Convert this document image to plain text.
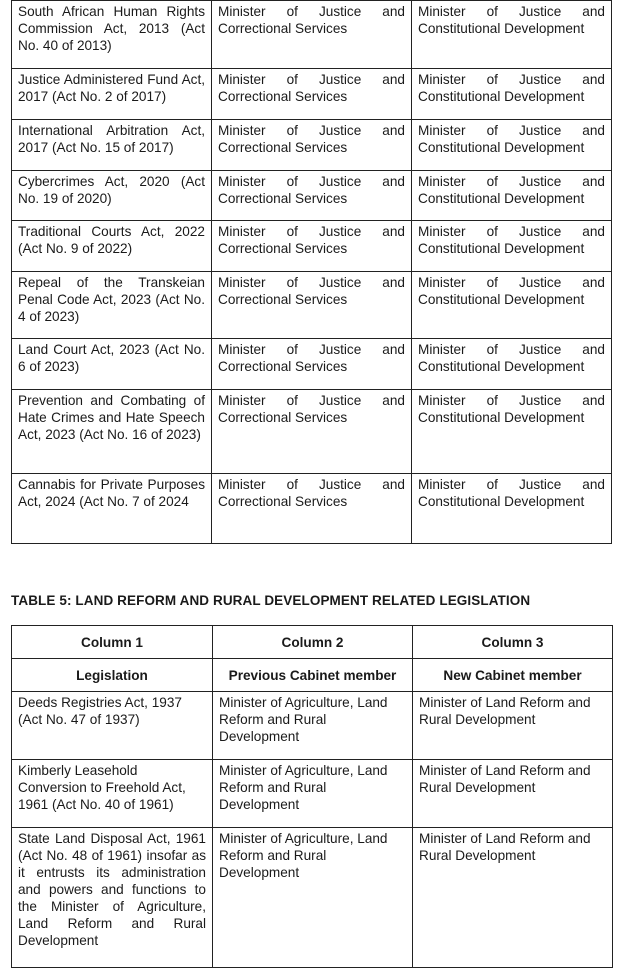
South African Human Rights Commission Act, 2013 (Act No. 40 of 2013)	Minister of Justice and Correctional Services	Minister of Justice and Constitutional Development
Justice Administered Fund Act, 2017 (Act No. 2 of 2017)	Minister of Justice and Correctional Services	Minister of Justice and Constitutional Development
International Arbitration Act, 2017 (Act No. 15 of 2017)	Minister of Justice and Correctional Services	Minister of Justice and Constitutional Development
Cybercrimes Act, 2020 (Act No. 19 of 2020)	Minister of Justice and Correctional Services	Minister of Justice and Constitutional Development
Traditional Courts Act, 2022 (Act No. 9 of 2022)	Minister of Justice and Correctional Services	Minister of Justice and Constitutional Development
Repeal of the Transkeian Penal Code Act, 2023 (Act No. 4 of 2023)	Minister of Justice and Correctional Services	Minister of Justice and Constitutional Development
Land Court Act, 2023 (Act No. 6 of 2023)	Minister of Justice and Correctional Services	Minister of Justice and Constitutional Development
Prevention and Combating of Hate Crimes and Hate Speech Act, 2023 (Act No. 16 of 2023)	Minister of Justice and Correctional Services	Minister of Justice and Constitutional Development
Cannabis for Private Purposes Act, 2024 (Act No. 7 of 2024	Minister of Justice and Correctional Services	Minister of Justice and Constitutional Development
TABLE 5: LAND REFORM AND RURAL DEVELOPMENT RELATED LEGISLATION
Column 1	Column 2	Column 3
Legislation	Previous Cabinet member	New Cabinet member
Deeds Registries Act, 1937 (Act No. 47 of 1937)	Minister of Agriculture, Land Reform and Rural Development	Minister of Land Reform and Rural Development
Kimberly Leasehold Conversion to Freehold Act, 1961 (Act No. 40 of 1961)	Minister of Agriculture, Land Reform and Rural Development	Minister of Land Reform and Rural Development
State Land Disposal Act, 1961 (Act No. 48 of 1961) insofar as it entrusts its administration and powers and functions to the Minister of Agriculture, Land Reform and Rural Development	Minister of Agriculture, Land Reform and Rural Development	Minister of Land Reform and Rural Development
